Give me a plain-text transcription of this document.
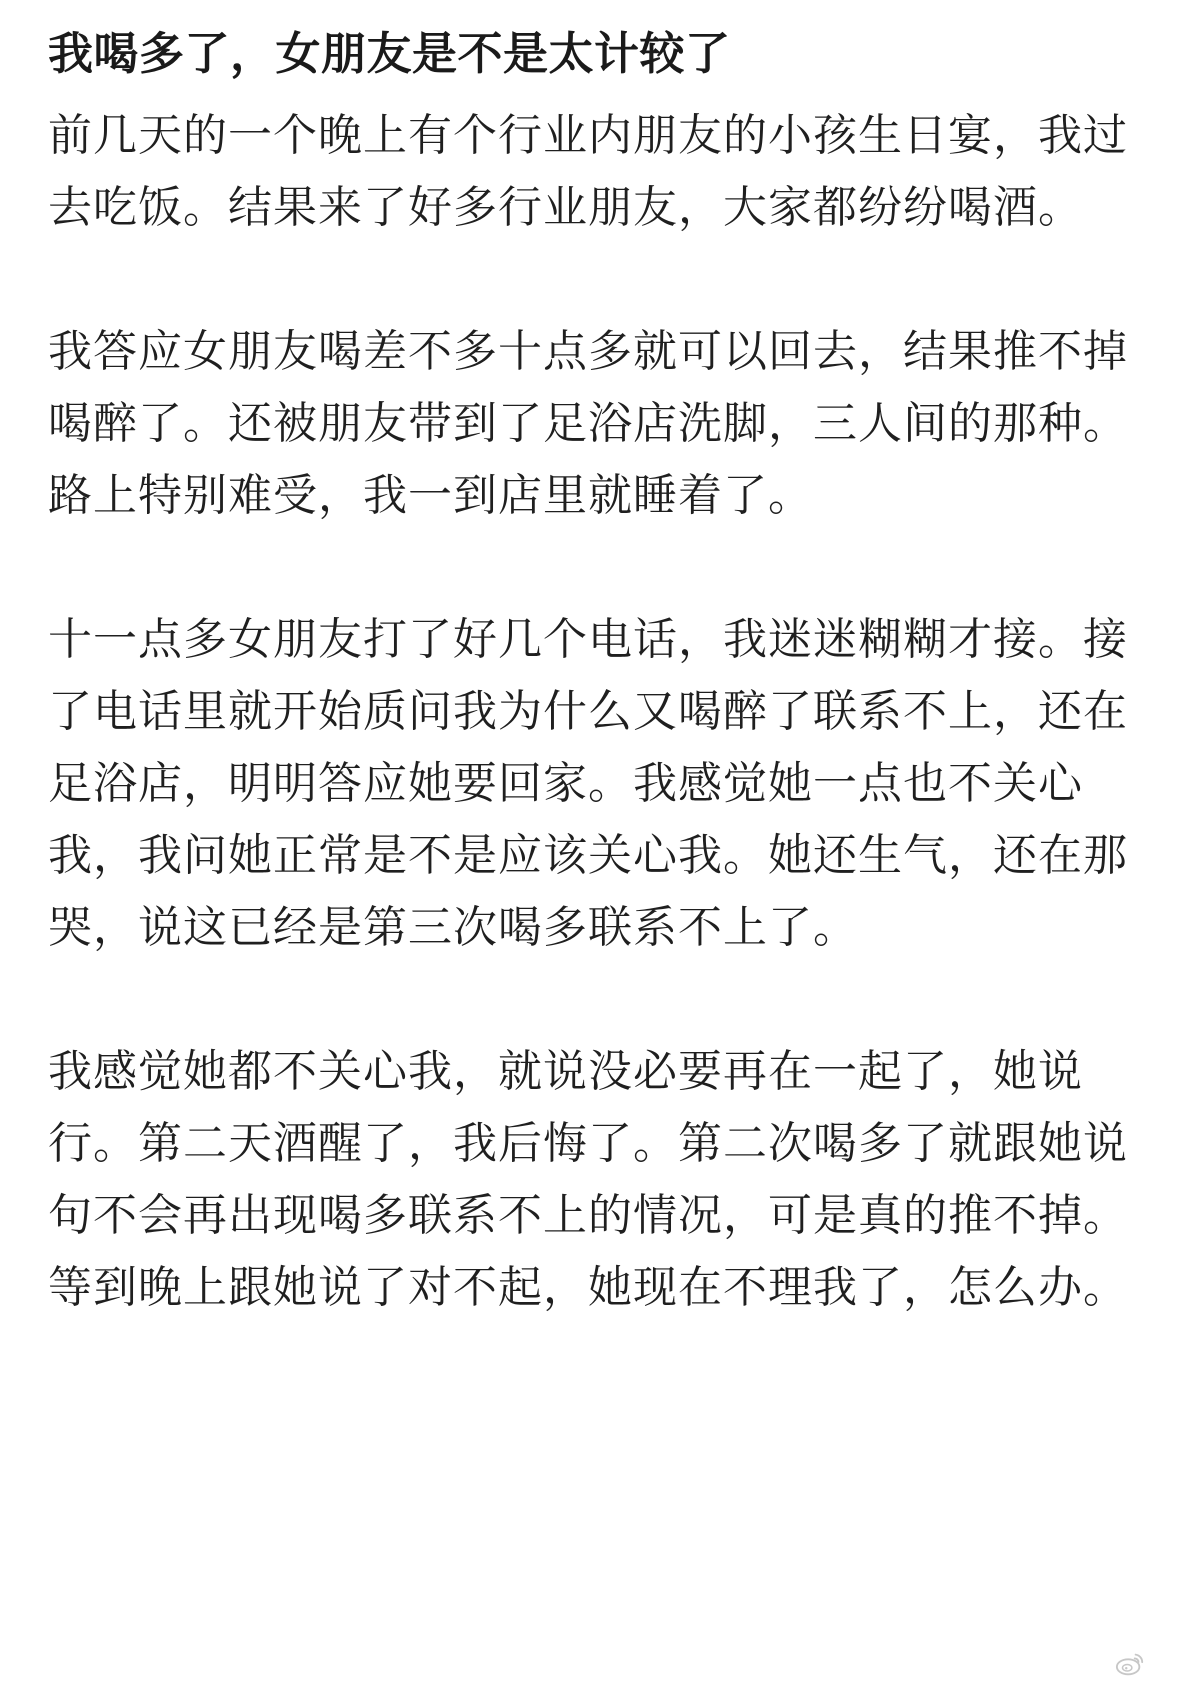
我喝多了，女朋友是不是太计较了

前几天的一个晚上有个行业内朋友的小孩生日宴，我过去吃饭。结果来了好多行业朋友，大家都纷纷喝酒。

我答应女朋友喝差不多十点多就可以回去，结果推不掉喝醉了。还被朋友带到了足浴店洗脚，三人间的那种。路上特别难受，我一到店里就睡着了。

十一点多女朋友打了好几个电话，我迷迷糊糊才接。接了电话里就开始质问我为什么又喝醉了联系不上，还在足浴店，明明答应她要回家。我感觉她一点也不关心我，我问她正常是不是应该关心我。她还生气，还在那哭，说这已经是第三次喝多联系不上了。

我感觉她都不关心我，就说没必要再在一起了，她说行。第二天酒醒了，我后悔了。第二次喝多了就跟她说句不会再出现喝多联系不上的情况，可是真的推不掉。等到晚上跟她说了对不起，她现在不理我了，怎么办。
